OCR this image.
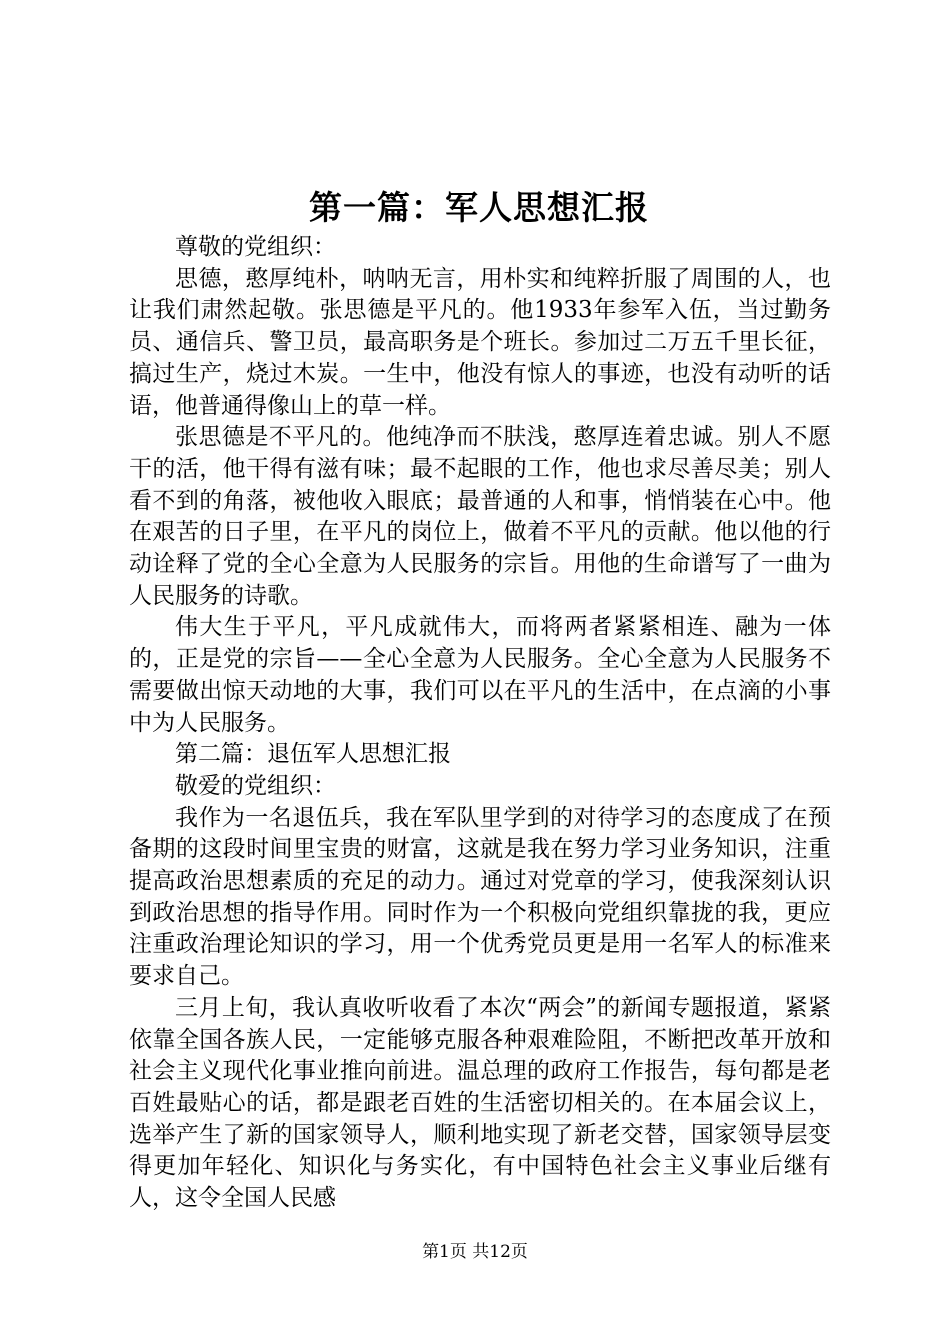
第一篇：军人思想汇报

尊敬的党组织：

思德，憨厚纯朴，呐呐无言，用朴实和纯粹折服了周围的人，也让我们肃然起敬。张思德是平凡的。他1933年参军入伍，当过勤务员、通信兵、警卫员，最高职务是个班长。参加过二万五千里长征，搞过生产，烧过木炭。一生中，他没有惊人的事迹，也没有动听的话语，他普通得像山上的草一样。

张思德是不平凡的。他纯净而不肤浅，憨厚连着忠诚。别人不愿干的活，他干得有滋有味；最不起眼的工作，他也求尽善尽美；别人看不到的角落，被他收入眼底；最普通的人和事，悄悄装在心中。他在艰苦的日子里，在平凡的岗位上，做着不平凡的贡献。他以他的行动诠释了党的全心全意为人民服务的宗旨。用他的生命谱写了一曲为人民服务的诗歌。

伟大生于平凡，平凡成就伟大，而将两者紧紧相连、融为一体的，正是党的宗旨——全心全意为人民服务。全心全意为人民服务不需要做出惊天动地的大事，我们可以在平凡的生活中，在点滴的小事中为人民服务。

第二篇：退伍军人思想汇报

敬爱的党组织：

我作为一名退伍兵，我在军队里学到的对待学习的态度成了在预备期的这段时间里宝贵的财富，这就是我在努力学习业务知识，注重提高政治思想素质的充足的动力。通过对党章的学习，使我深刻认识到政治思想的指导作用。同时作为一个积极向党组织靠拢的我，更应注重政治理论知识的学习，用一个优秀党员更是用一名军人的标准来要求自己。

三月上旬，我认真收听收看了本次“两会”的新闻专题报道，紧紧依靠全国各族人民，一定能够克服各种艰难险阻，不断把改革开放和社会主义现代化事业推向前进。温总理的政府工作报告，每句都是老百姓最贴心的话，都是跟老百姓的生活密切相关的。在本届会议上，选举产生了新的国家领导人，顺利地实现了新老交替，国家领导层变得更加年轻化、知识化与务实化，有中国特色社会主义事业后继有人，这令全国人民感

第1页 共12页
